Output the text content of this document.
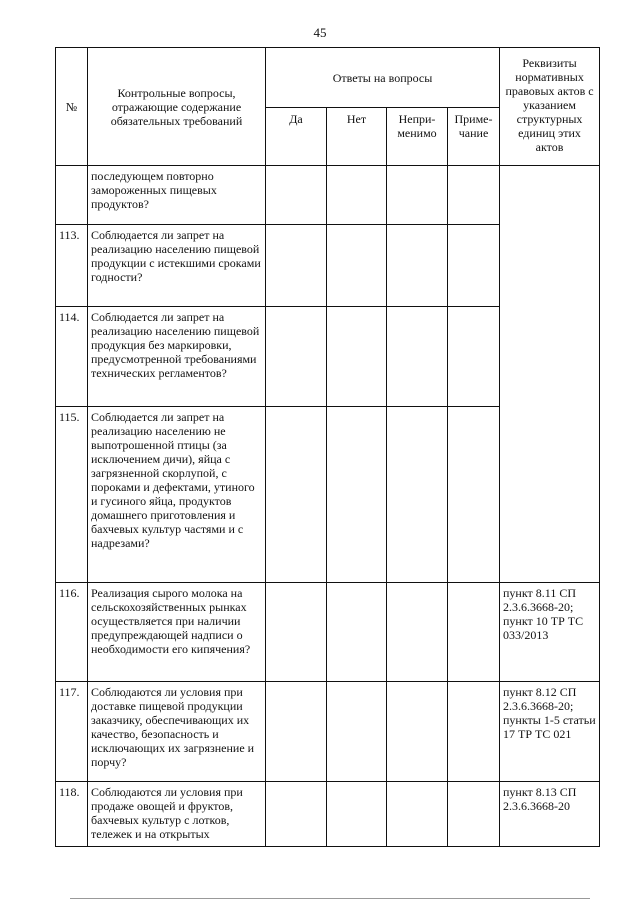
45
№	Контрольные вопросы, отражающие содержание обязательных требований	Ответы на вопросы				Реквизиты нормативных правовых актов с указанием структурных единиц этих актов
		Да	Нет	Непри-менимо	Приме-чание	
	последующем повторно замороженных пищевых продуктов?					
113.	Соблюдается ли запрет на реализацию населению пищевой продукции с истекшими сроками годности?					
114.	Соблюдается ли запрет на реализацию населению пищевой продукция без маркировки, предусмотренной требованиями технических регламентов?					
115.	Соблюдается ли запрет на реализацию населению не выпотрошенной птицы (за исключением дичи), яйца с загрязненной скорлупой, с пороками и дефектами, утиного и гусиного яйца, продуктов домашнего приготовления и бахчевых культур частями и с надрезами?					
116.	Реализация сырого молока на сельскохозяйственных рынках осуществляется при наличии предупреждающей надписи о необходимости его кипячения?					пункт 8.11 СП 2.3.6.3668-20; пункт 10 ТР ТС 033/2013
117.	Соблюдаются ли условия при доставке пищевой продукции заказчику, обеспечивающих их качество, безопасность и исключающих их загрязнение и порчу?					пункт 8.12 СП 2.3.6.3668-20; пункты 1-5 статьи 17 ТР ТС 021
118.	Соблюдаются ли условия при продаже овощей и фруктов, бахчевых культур с лотков, тележек и на открытых					пункт 8.13 СП 2.3.6.3668-20
